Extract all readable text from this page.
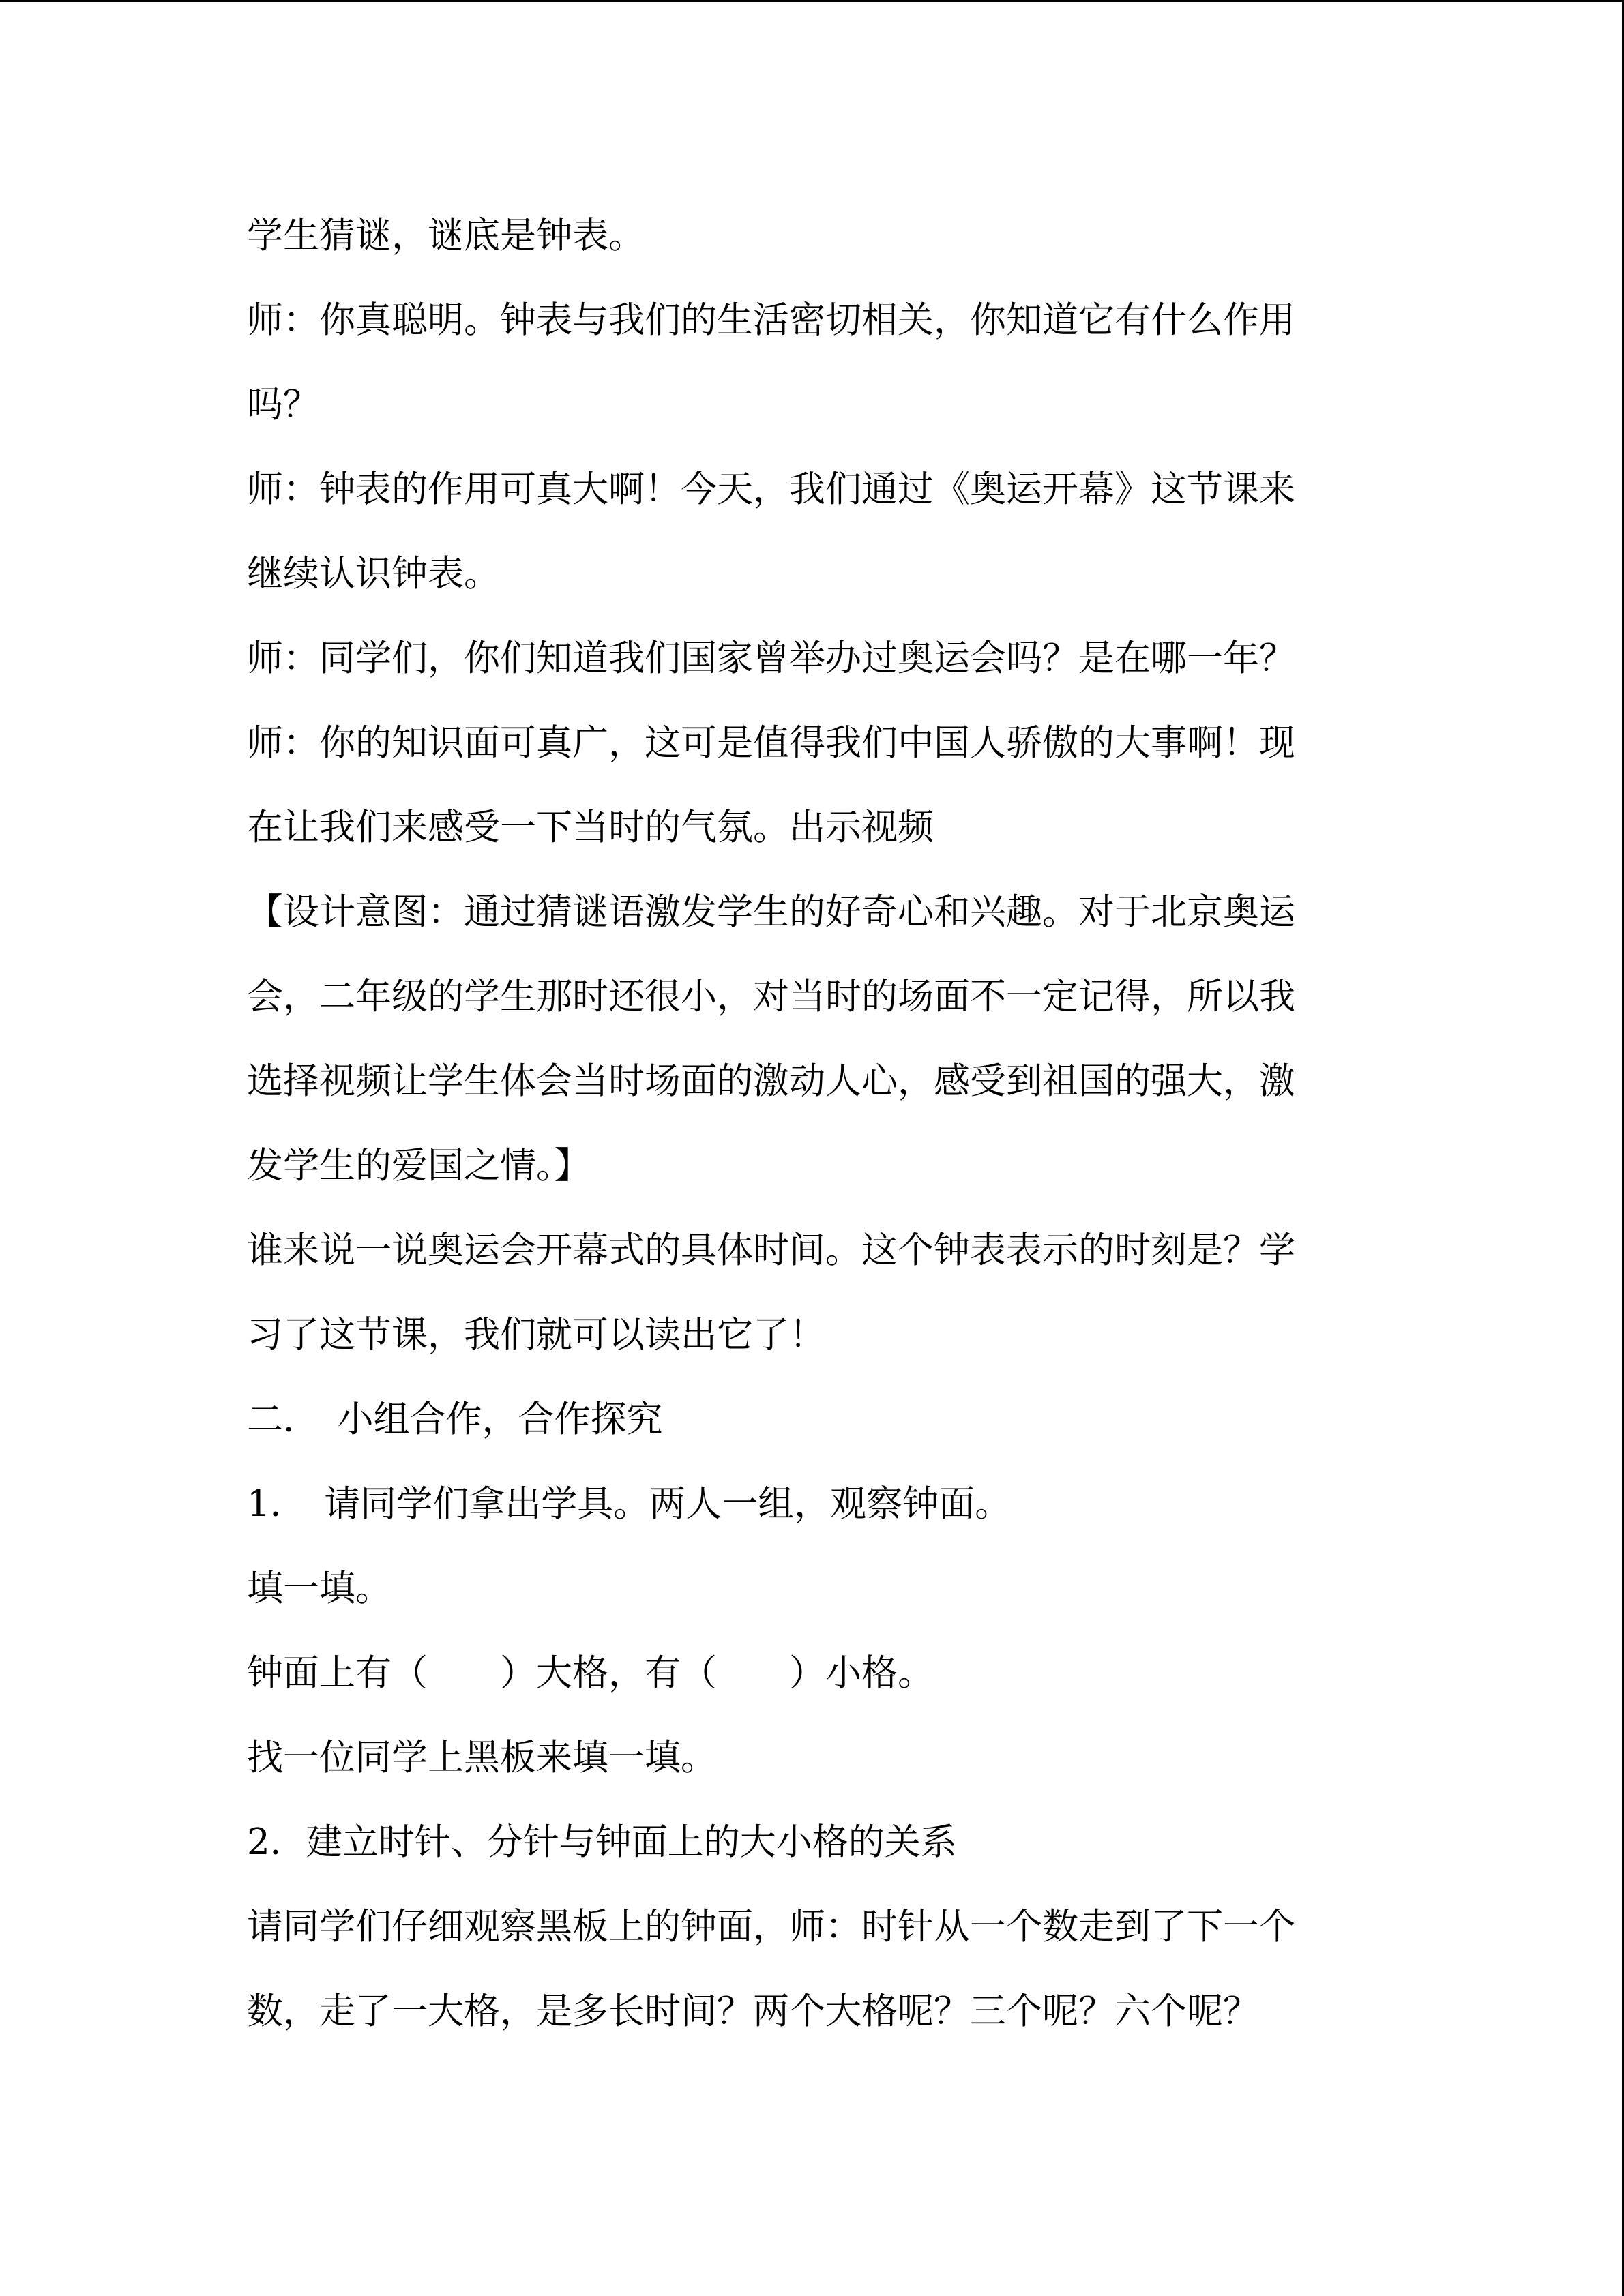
学生猜谜，谜底是钟表。
师：你真聪明。钟表与我们的生活密切相关，你知道它有什么作用
吗？
师：钟表的作用可真大啊！今天，我们通过《奥运开幕》这节课来
继续认识钟表。
师：同学们，你们知道我们国家曾举办过奥运会吗？是在哪一年？
师：你的知识面可真广，这可是值得我们中国人骄傲的大事啊！现
在让我们来感受一下当时的气氛。出示视频
【设计意图：通过猜谜语激发学生的好奇心和兴趣。对于北京奥运
会，二年级的学生那时还很小，对当时的场面不一定记得，所以我
选择视频让学生体会当时场面的激动人心，感受到祖国的强大，激
发学生的爱国之情。】
谁来说一说奥运会开幕式的具体时间。这个钟表表示的时刻是？学
习了这节课，我们就可以读出它了！
二．　小组合作，合作探究
1．　请同学们拿出学具。两人一组，观察钟面。
填一填。
钟面上有（　　）大格，有（　　）小格。
找一位同学上黑板来填一填。
2．建立时针、分针与钟面上的大小格的关系
请同学们仔细观察黑板上的钟面，师：时针从一个数走到了下一个
数，走了一大格，是多长时间？两个大格呢？三个呢？六个呢？
